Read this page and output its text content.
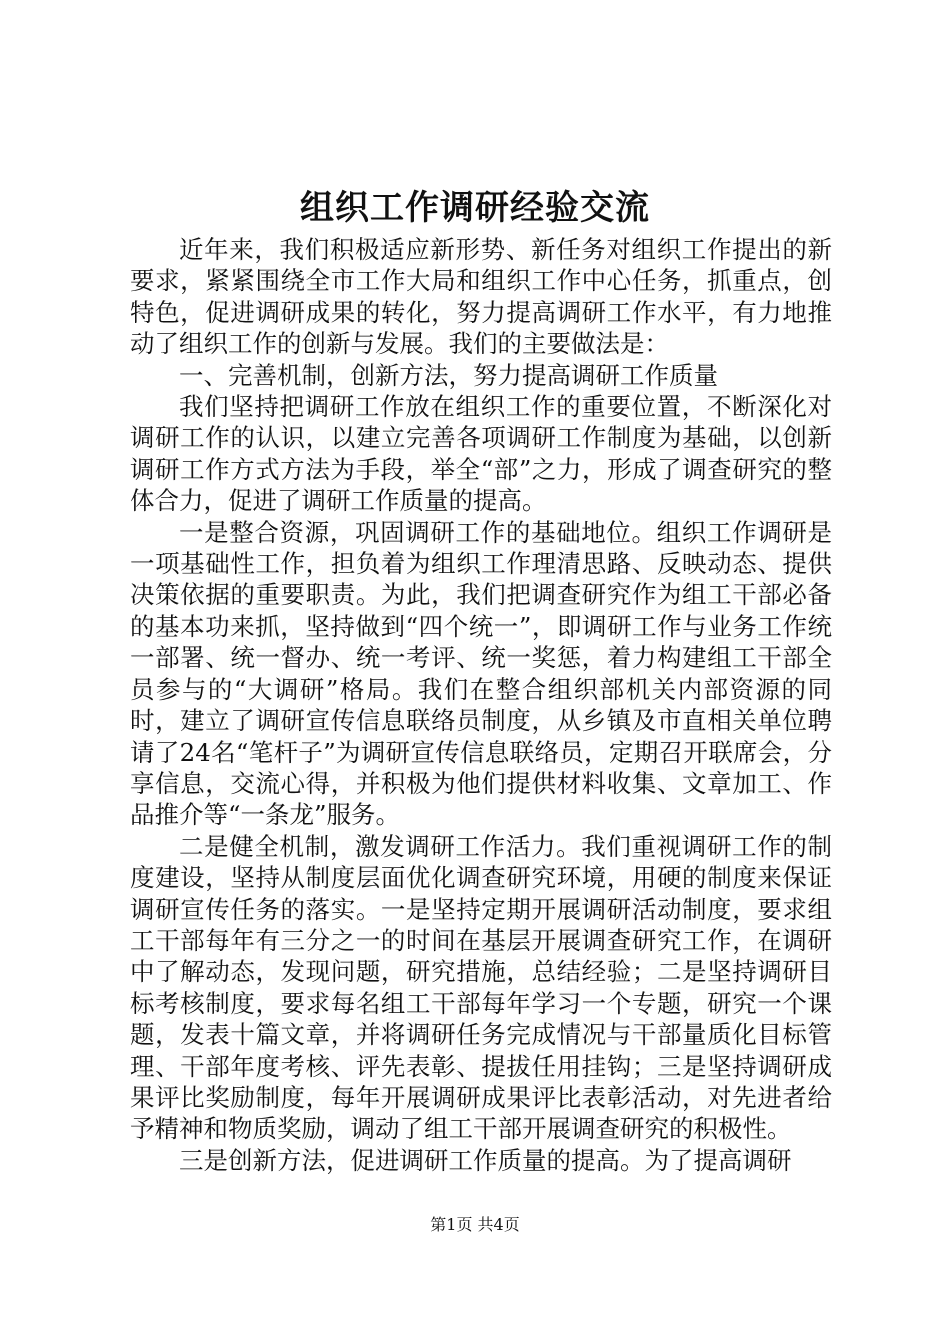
组织工作调研经验交流

近年来，我们积极适应新形势、新任务对组织工作提出的新要求，紧紧围绕全市工作大局和组织工作中心任务，抓重点，创特色，促进调研成果的转化，努力提高调研工作水平，有力地推动了组织工作的创新与发展。我们的主要做法是：

一、完善机制，创新方法，努力提高调研工作质量

我们坚持把调研工作放在组织工作的重要位置，不断深化对调研工作的认识，以建立完善各项调研工作制度为基础，以创新调研工作方式方法为手段，举全“部”之力，形成了调查研究的整体合力，促进了调研工作质量的提高。

一是整合资源，巩固调研工作的基础地位。组织工作调研是一项基础性工作，担负着为组织工作理清思路、反映动态、提供决策依据的重要职责。为此，我们把调查研究作为组工干部必备的基本功来抓，坚持做到“四个统一”，即调研工作与业务工作统一部署、统一督办、统一考评、统一奖惩，着力构建组工干部全员参与的“大调研”格局。我们在整合组织部机关内部资源的同时，建立了调研宣传信息联络员制度，从乡镇及市直相关单位聘请了24名“笔杆子”为调研宣传信息联络员，定期召开联席会，分享信息，交流心得，并积极为他们提供材料收集、文章加工、作品推介等“一条龙”服务。

二是健全机制，激发调研工作活力。我们重视调研工作的制度建设，坚持从制度层面优化调查研究环境，用硬的制度来保证调研宣传任务的落实。一是坚持定期开展调研活动制度，要求组工干部每年有三分之一的时间在基层开展调查研究工作，在调研中了解动态，发现问题，研究措施，总结经验；二是坚持调研目标考核制度，要求每名组工干部每年学习一个专题，研究一个课题，发表十篇文章，并将调研任务完成情况与干部量质化目标管理、干部年度考核、评先表彰、提拔任用挂钩；三是坚持调研成果评比奖励制度，每年开展调研成果评比表彰活动，对先进者给予精神和物质奖励，调动了组工干部开展调查研究的积极性。

三是创新方法，促进调研工作质量的提高。为了提高调研

第1页 共4页
